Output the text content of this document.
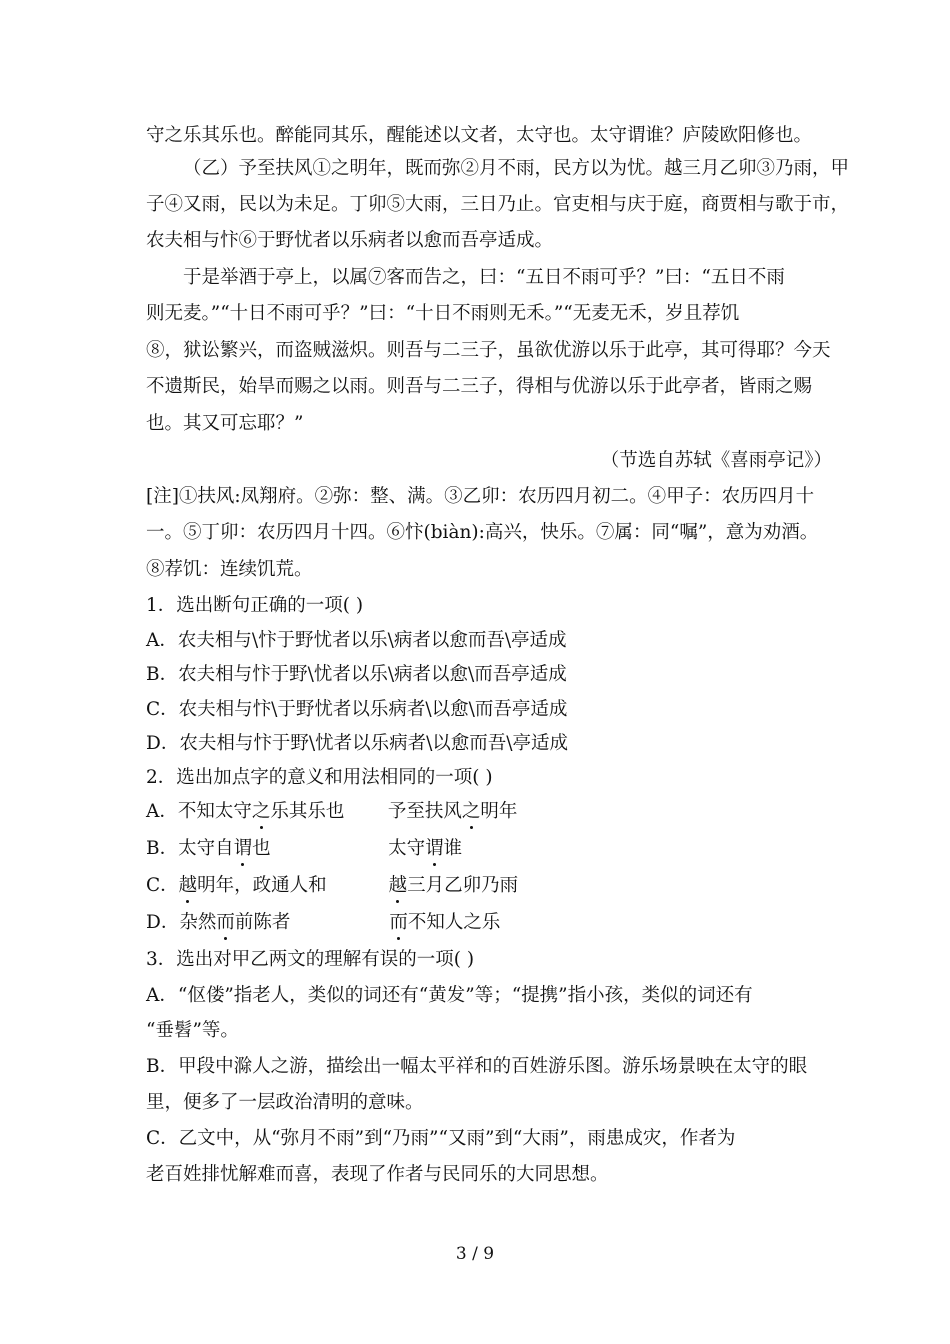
守之乐其乐也。醉能同其乐，醒能述以文者，太守也。太守谓谁？庐陵欧阳修也。
（乙）予至扶风①之明年，既而弥②月不雨，民方以为忧。越三月乙卯③乃雨，甲
子④又雨，民以为未足。丁卯⑤大雨，三日乃止。官吏相与庆于庭，商贾相与歌于市，
农夫相与忭⑥于野忧者以乐病者以愈而吾亭适成。
于是举酒于亭上，以属⑦客而告之，曰：“五日不雨可乎？”曰：“五日不雨
则无麦。”“十日不雨可乎？”曰：“十日不雨则无禾。”“无麦无禾，岁且荐饥
⑧，狱讼繁兴，而盗贼滋炽。则吾与二三子，虽欲优游以乐于此亭，其可得耶？今天
不遗斯民，始旱而赐之以雨。则吾与二三子，得相与优游以乐于此亭者，皆雨之赐
也。其又可忘耶？”
（节选自苏轼《喜雨亭记》）
[注]①扶风:凤翔府。②弥：整、满。③乙卯：农历四月初二。④甲子：农历四月十
一。⑤丁卯：农历四月十四。⑥忭(biàn):高兴，快乐。⑦属：同“嘱”，意为劝酒。
⑧荐饥：连续饥荒。
1．选出断句正确的一项( )
A．农夫相与\忭于野忧者以乐\病者以愈而吾\亭适成
B．农夫相与忭于野\忧者以乐\病者以愈\而吾亭适成
C．农夫相与忭\于野忧者以乐病者\以愈\而吾亭适成
D．农夫相与忭于野\忧者以乐病者\以愈而吾\亭适成
2．选出加点字的意义和用法相同的一项( )
A．不知太守之乐其乐也 予至扶风之明年
B．太守自谓也	太守谓谁
C．越明年，政通人和	越三月乙卯乃雨
D．杂然而前陈者	而不知人之乐
3．选出对甲乙两文的理解有误的一项( )
A．“伛偻”指老人，类似的词还有“黄发”等；“提携”指小孩，类似的词还有
“垂髫”等。
B．甲段中滁人之游，描绘出一幅太平祥和的百姓游乐图。游乐场景映在太守的眼
里，便多了一层政治清明的意味。
C．乙文中，从“弥月不雨”到“乃雨”“又雨”到“大雨”，雨患成灾，作者为
老百姓排忧解难而喜，表现了作者与民同乐的大同思想。
3 / 9
